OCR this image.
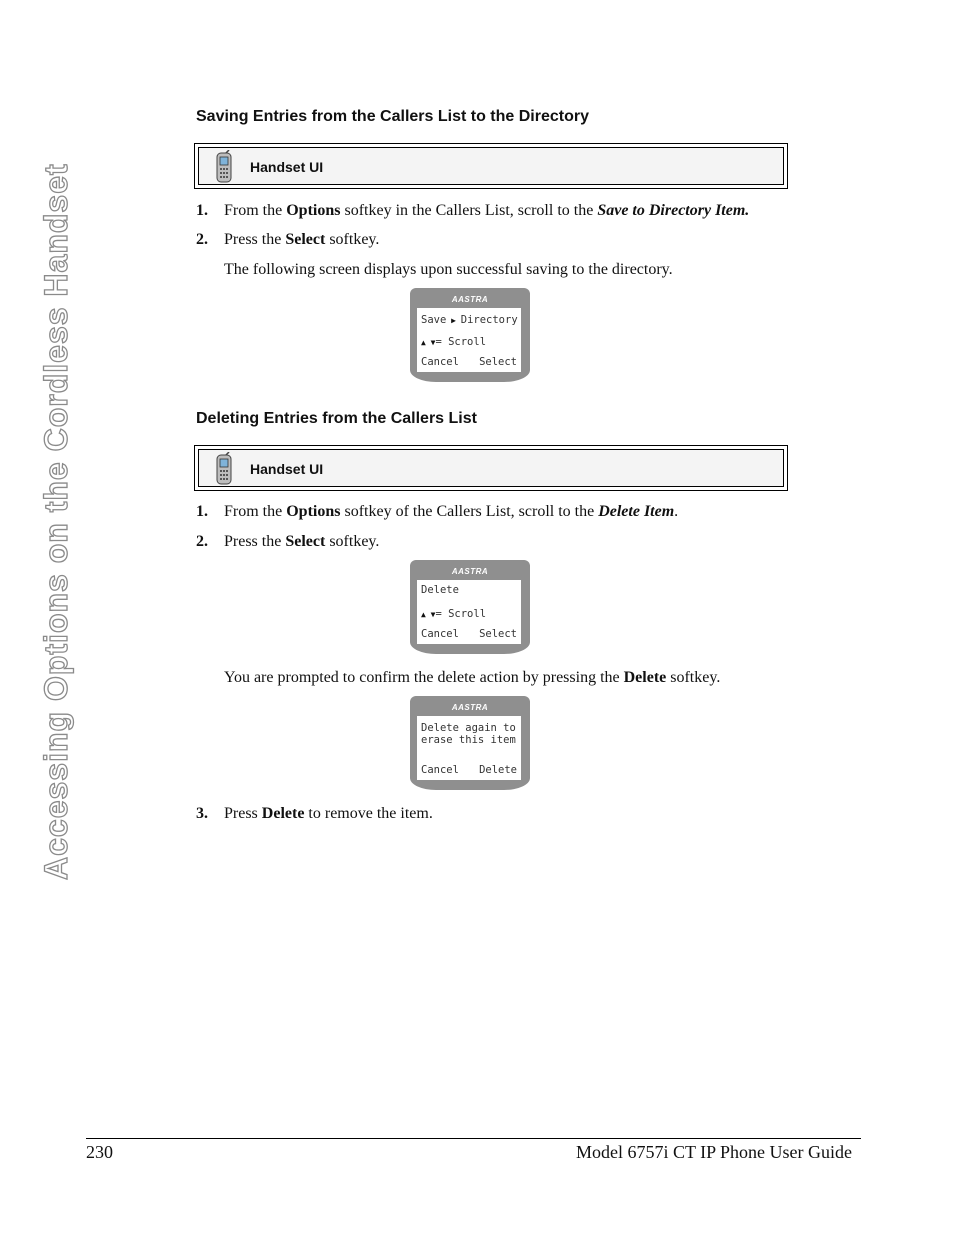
Accessing Options on the Cordless Handset
Saving Entries from the Callers List to the Directory
Handset UI
1. From the Options softkey in the Callers List, scroll to the Save to Directory Item.
2. Press the Select softkey.
The following screen displays upon successful saving to the directory.
AASTRA
Save ▶ Directory
▲ ▼= Scroll
Cancel Select
Deleting Entries from the Callers List
Handset UI
1. From the Options softkey of the Callers List, scroll to the Delete Item.
2. Press the Select softkey.
AASTRA
Delete
▲ ▼= Scroll
Cancel Select
You are prompted to confirm the delete action by pressing the Delete softkey.
AASTRA
Delete again to
erase this item
Cancel Delete
3. Press Delete to remove the item.
230	Model 6757i CT IP Phone User Guide
